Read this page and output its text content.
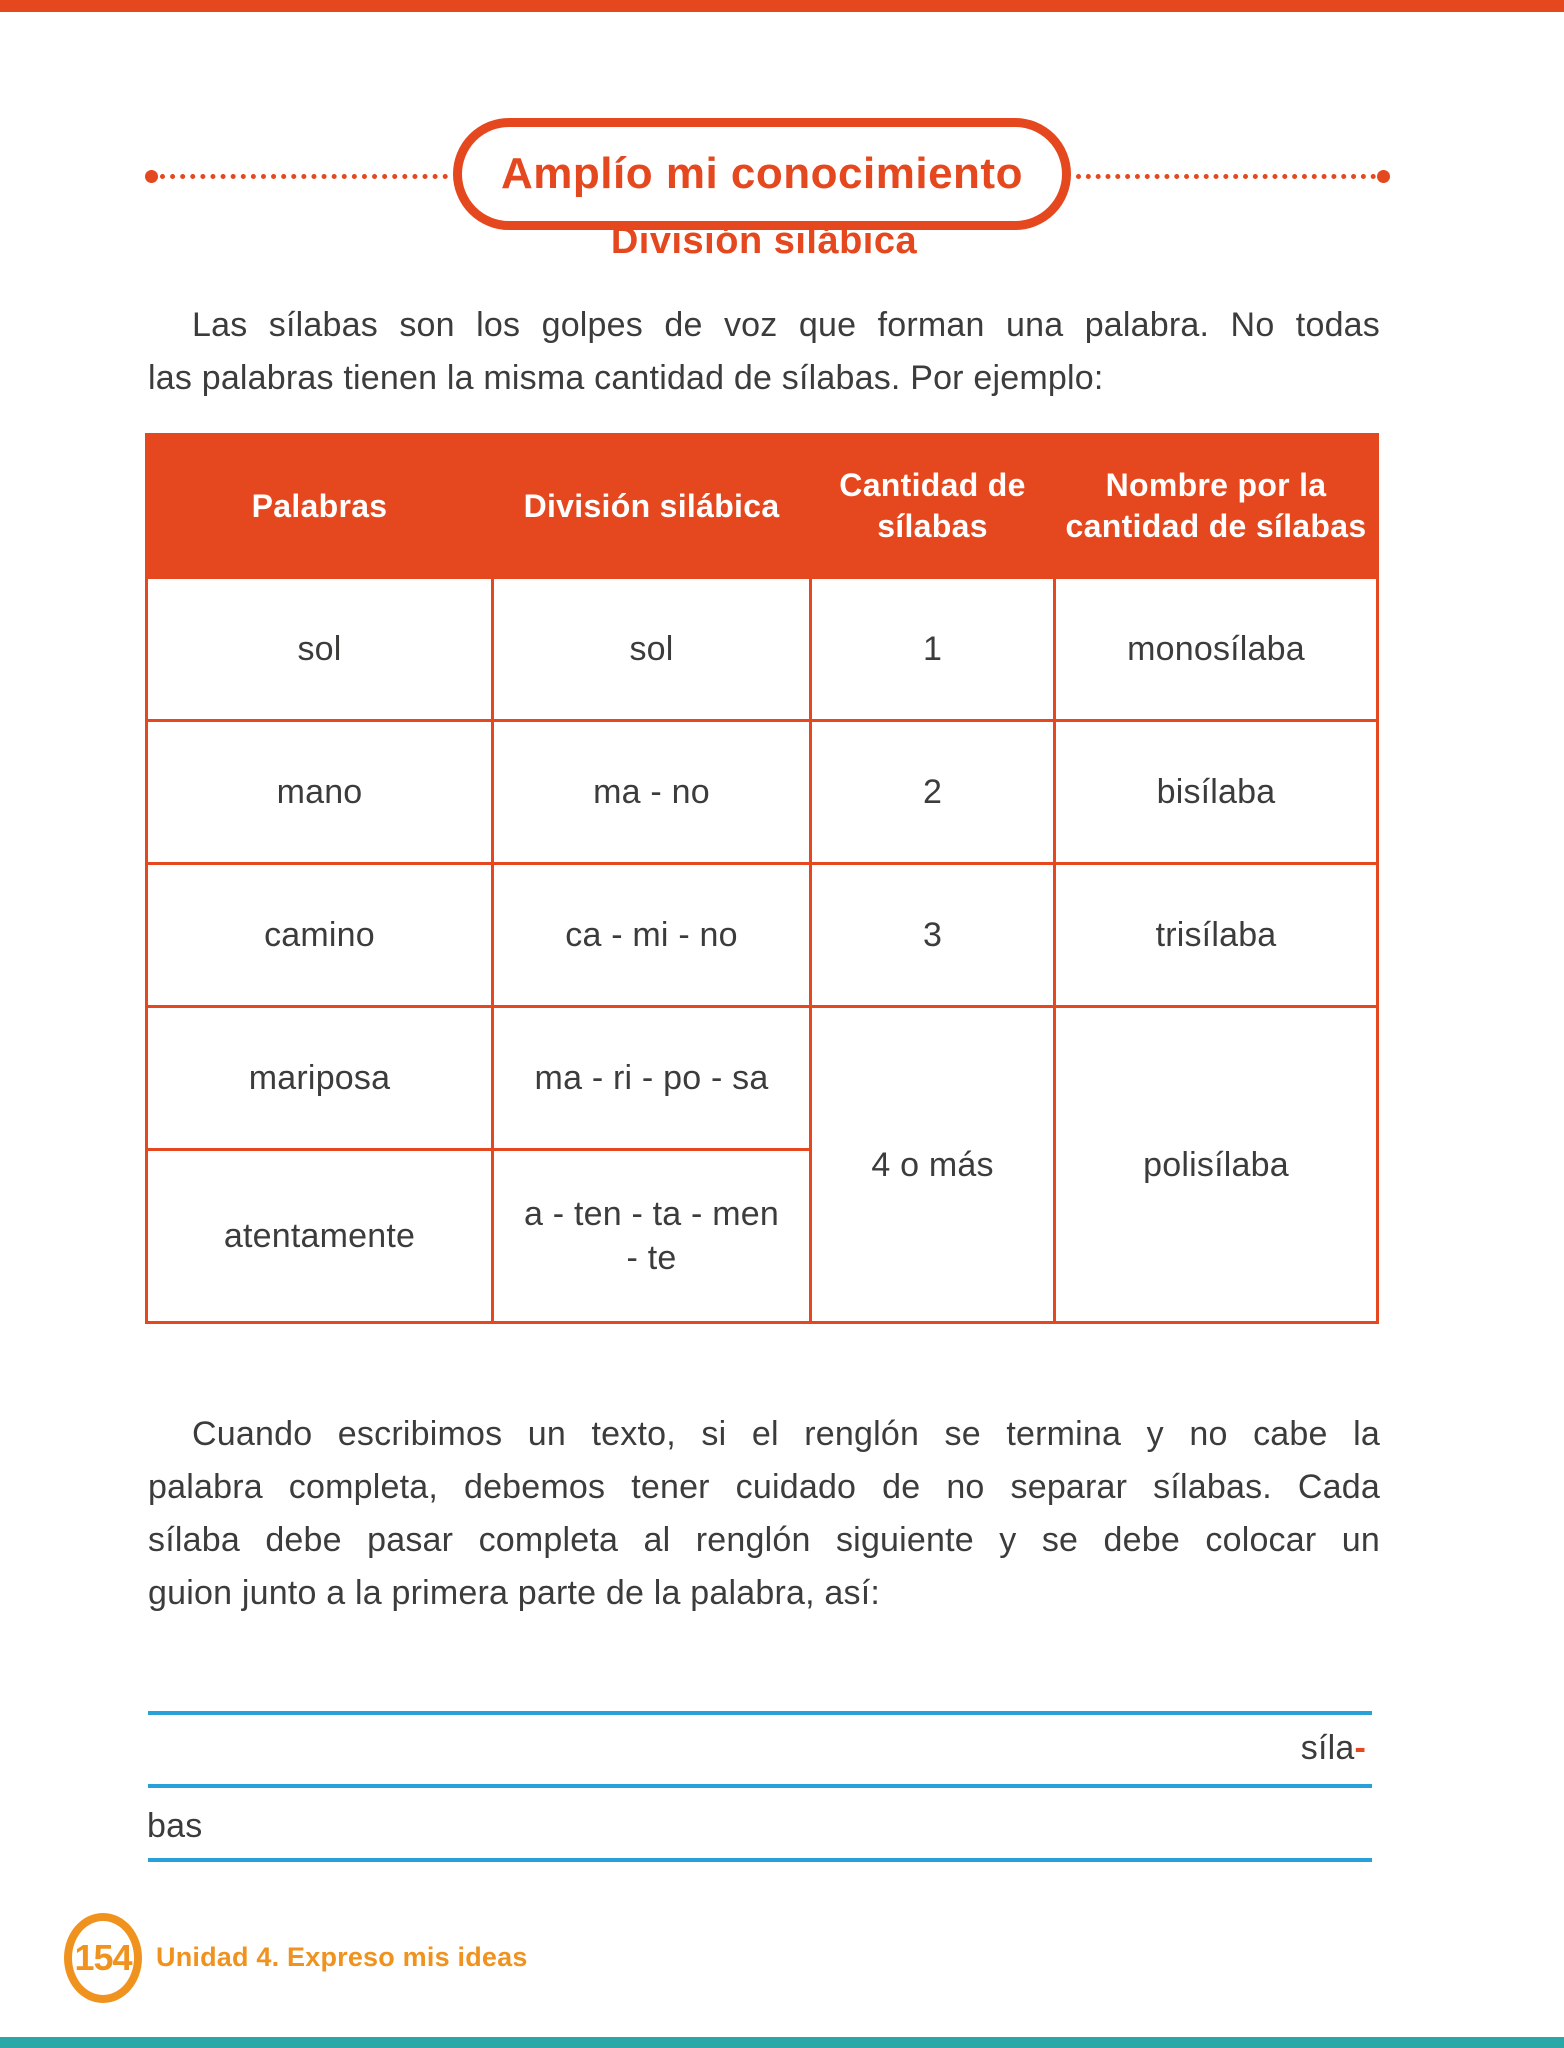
Amplío mi conocimiento
División silábica
Las sílabas son los golpes de voz que forman una palabra. No todas
las palabras tienen la misma cantidad de sílabas. Por ejemplo:
Palabras	División silábica	Cantidad de sílabas	Nombre por la cantidad de sílabas
sol	sol	1	monosílaba
mano	ma - no	2	bisílaba
camino	ca - mi - no	3	trisílaba
mariposa	ma - ri - po - sa	4 o más	polisílaba
atentamente	a - ten - ta - men
- te		
Cuando escribimos un texto, si el renglón se termina y no cabe la
palabra completa, debemos tener cuidado de no separar sílabas. Cada
sílaba debe pasar completa al renglón siguiente y se debe colocar un
guion junto a la primera parte de la palabra, así:
síla-
bas
154 Unidad 4. Expreso mis ideas
